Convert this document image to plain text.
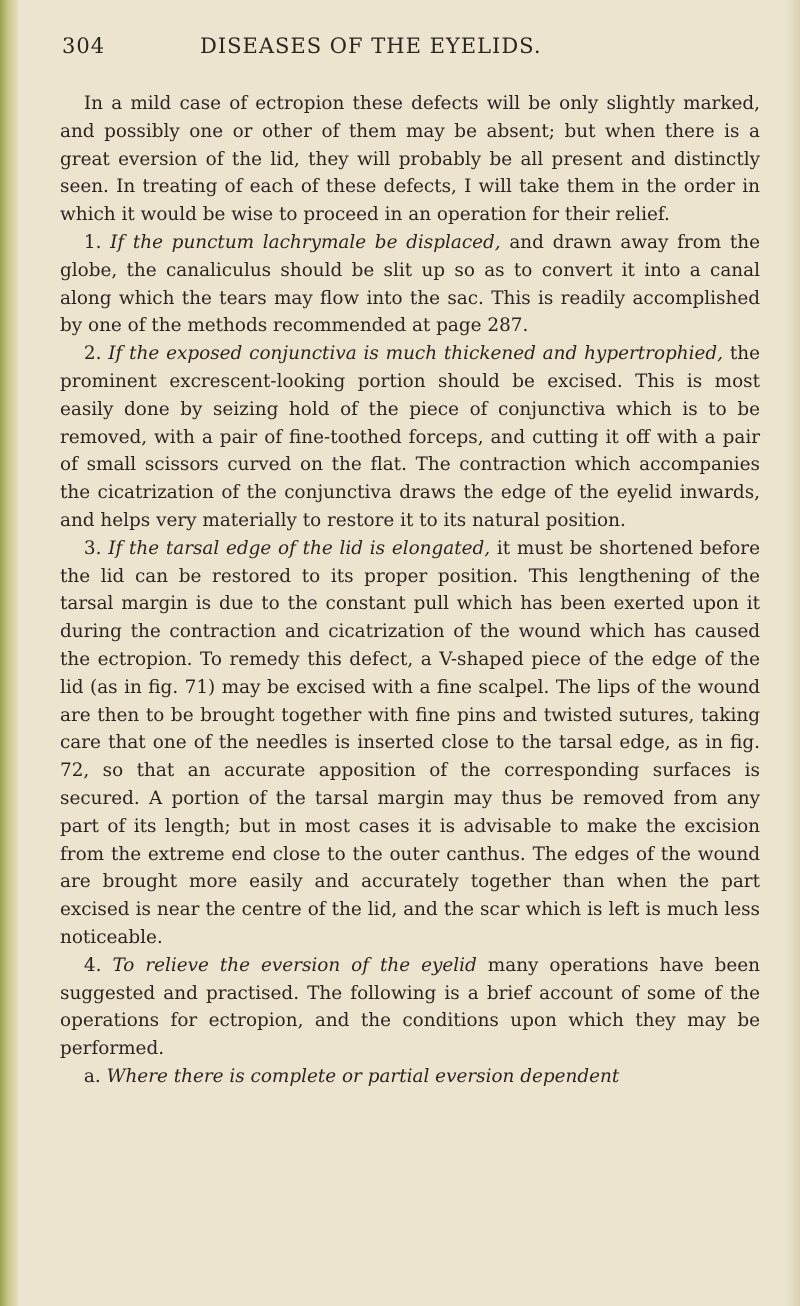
304	DISEASES OF THE EYELIDS.

In a mild case of ectropion these defects will be only slightly marked, and possibly one or other of them may be absent; but when there is a great eversion of the lid, they will probably be all present and distinctly seen. In treating of each of these defects, I will take them in the order in which it would be wise to proceed in an operation for their relief.

1. If the punctum lachrymale be displaced, and drawn away from the globe, the canaliculus should be slit up so as to convert it into a canal along which the tears may flow into the sac. This is readily accomplished by one of the methods recommended at page 287.

2. If the exposed conjunctiva is much thickened and hypertrophied, the prominent excrescent-looking portion should be excised. This is most easily done by seizing hold of the piece of conjunctiva which is to be removed, with a pair of fine-toothed forceps, and cutting it off with a pair of small scissors curved on the flat. The contraction which accompanies the cicatrization of the conjunctiva draws the edge of the eyelid inwards, and helps very materially to restore it to its natural position.

3. If the tarsal edge of the lid is elongated, it must be shortened before the lid can be restored to its proper position. This lengthening of the tarsal margin is due to the constant pull which has been exerted upon it during the contraction and cicatrization of the wound which has caused the ectropion. To remedy this defect, a V-shaped piece of the edge of the lid (as in fig. 71) may be excised with a fine scalpel. The lips of the wound are then to be brought together with fine pins and twisted sutures, taking care that one of the needles is inserted close to the tarsal edge, as in fig. 72, so that an accurate apposition of the corresponding surfaces is secured. A portion of the tarsal margin may thus be removed from any part of its length; but in most cases it is advisable to make the excision from the extreme end close to the outer canthus. The edges of the wound are brought more easily and accurately together than when the part excised is near the centre of the lid, and the scar which is left is much less noticeable.

4. To relieve the eversion of the eyelid many operations have been suggested and practised. The following is a brief account of some of the operations for ectropion, and the conditions upon which they may be performed.

a. Where there is complete or partial eversion dependent
